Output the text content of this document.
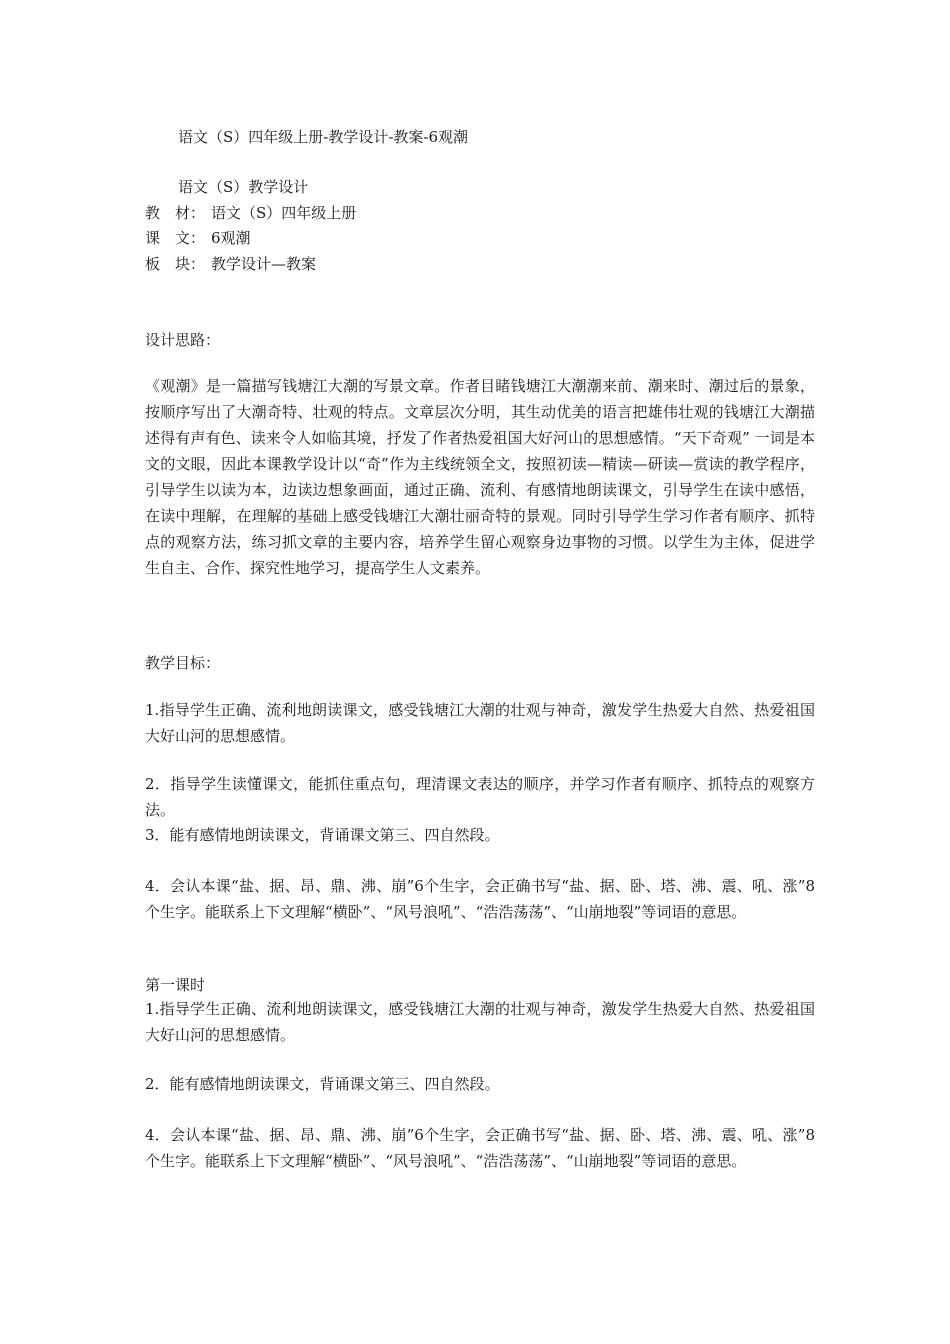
语文（S）四年级上册-教学设计-教案-6观潮
语文（S）教学设计
教　材： 语文（S）四年级上册
课　文： 6观潮
板　块： 教学设计—教案
设计思路：
《观潮》是一篇描写钱塘江大潮的写景文章。作者目睹钱塘江大潮潮来前、潮来时、潮过后的景象，按顺序写出了大潮奇特、壮观的特点。文章层次分明，其生动优美的语言把雄伟壮观的钱塘江大潮描述得有声有色、读来令人如临其境，抒发了作者热爱祖国大好河山的思想感情。“天下奇观” 一词是本文的文眼，因此本课教学设计以“奇”作为主线统领全文，按照初读—精读—研读—赏读的教学程序，引导学生以读为本，边读边想象画面，通过正确、流利、有感情地朗读课文，引导学生在读中感悟，在读中理解，在理解的基础上感受钱塘江大潮壮丽奇特的景观。同时引导学生学习作者有顺序、抓特点的观察方法，练习抓文章的主要内容，培养学生留心观察身边事物的习惯。以学生为主体，促进学生自主、合作、探究性地学习，提高学生人文素养。
教学目标：
1.指导学生正确、流利地朗读课文，感受钱塘江大潮的壮观与神奇，激发学生热爱大自然、热爱祖国大好山河的思想感情。
2．指导学生读懂课文，能抓住重点句，理清课文表达的顺序，并学习作者有顺序、抓特点的观察方法。
3．能有感情地朗读课文，背诵课文第三、四自然段。
4．会认本课“盐、据、昂、鼎、沸、崩”6个生字，会正确书写“盐、据、卧、塔、沸、震、吼、涨”8个生字。能联系上下文理解“横卧”、“风号浪吼”、“浩浩荡荡”、“山崩地裂”等词语的意思。
第一课时
1.指导学生正确、流利地朗读课文，感受钱塘江大潮的壮观与神奇，激发学生热爱大自然、热爱祖国大好山河的思想感情。
2．能有感情地朗读课文，背诵课文第三、四自然段。
4．会认本课“盐、据、昂、鼎、沸、崩”6个生字，会正确书写“盐、据、卧、塔、沸、震、吼、涨”8个生字。能联系上下文理解“横卧”、“风号浪吼”、“浩浩荡荡”、“山崩地裂”等词语的意思。
